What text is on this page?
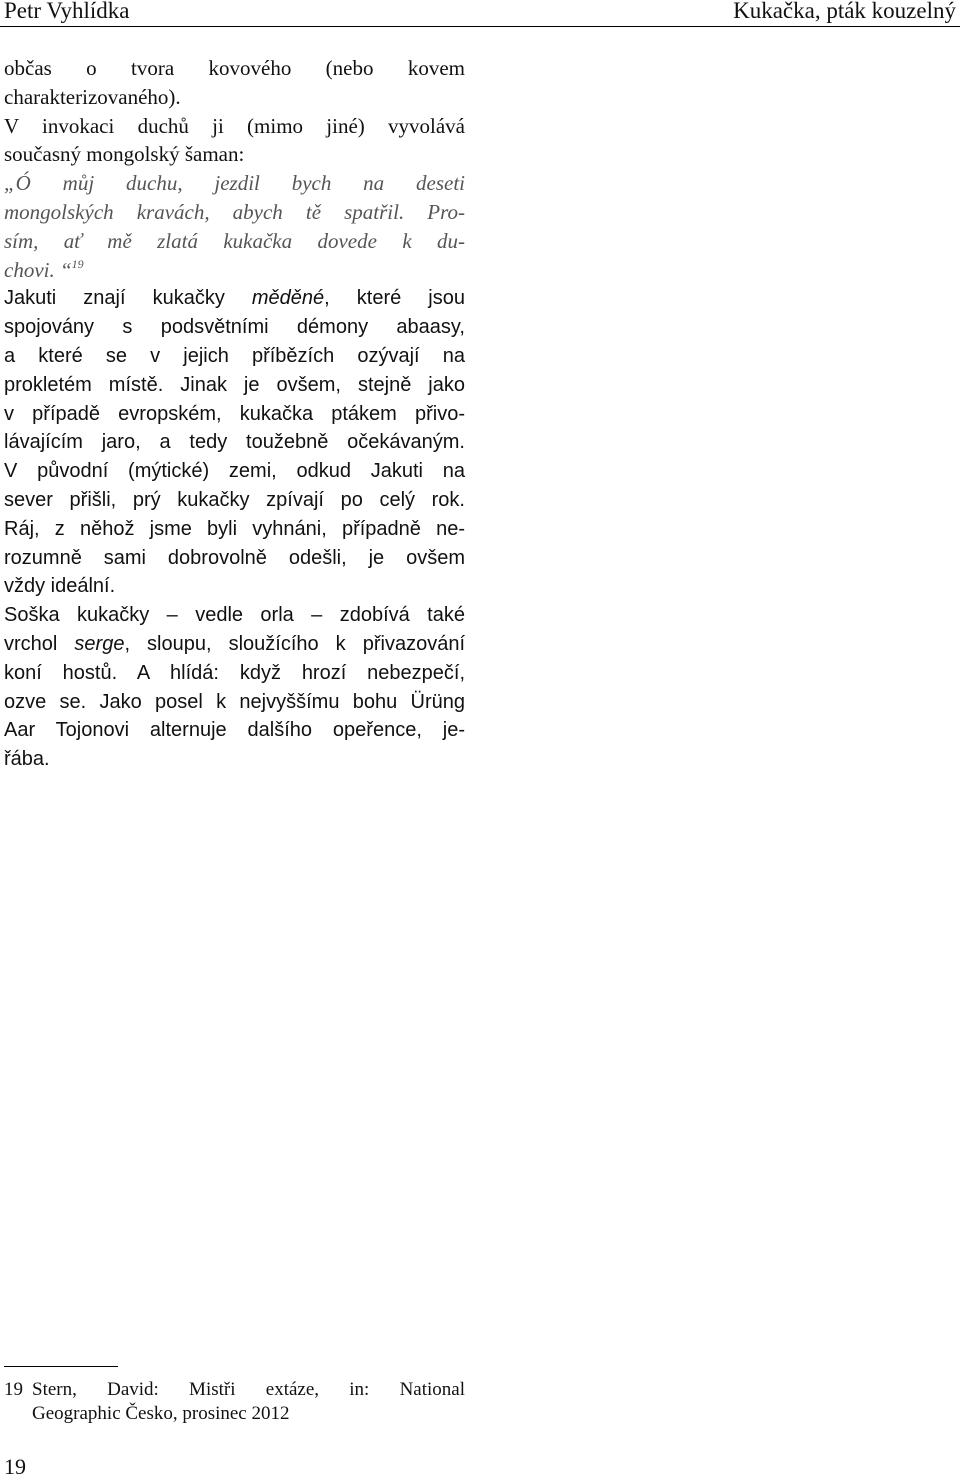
Petr Vyhlídka	Kukačka, pták kouzelný
občas o tvora kovového (nebo kovem
charakterizovaného).
V invokaci duchů ji (mimo jiné) vyvolává
současný mongolský šaman:
„Ó můj duchu, jezdil bych na deseti
mongolských kravách, abych tě spatřil. Pro-
sím, ať mě zlatá kukačka dovede k du-
chovi. “$^{19}$
Jakuti znají kukačky měděné, které jsou
spojovány s podsvětními démony abaasy,
a které se v jejich příbězích ozývají na
prokletém místě. Jinak je ovšem, stejně jako
v případě evropském, kukačka ptákem přivo-
lávajícím jaro, a tedy toužebně očekávaným.
V původní (mýtické) zemi, odkud Jakuti na
sever přišli, prý kukačky zpívají po celý rok.
Ráj, z něhož jsme byli vyhnáni, případně ne-
rozumně sami dobrovolně odešli, je ovšem
vždy ideální.
Soška kukačky – vedle orla – zdobívá také
vrchol serge, sloupu, sloužícího k přivazování
koní hostů. A hlídá: když hrozí nebezpečí,
ozve se. Jako posel k nejvyššímu bohu Ürüng
Aar Tojonovi alternuje dalšího opeřence, je-
řába.
19 Stern, David: Mistři extáze, in: National
Geographic Česko, prosinec 2012
19
